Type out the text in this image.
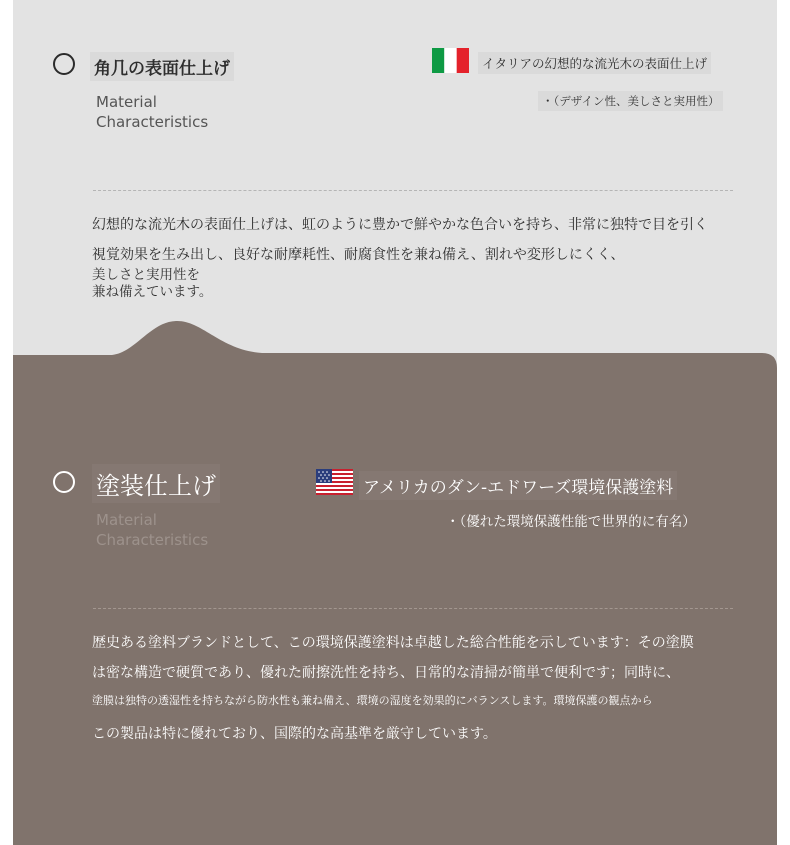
角几の表面仕上げ
Material
Characteristics
イタリアの幻想的な流光木の表面仕上げ
・（デザイン性、美しさと実用性）
幻想的な流光木の表面仕上げは、虹のように豊かで鮮やかな色合いを持ち、非常に独特で目を引く
視覚効果を生み出し、良好な耐摩耗性、耐腐食性を兼ね備え、割れや変形しにくく、
美しさと実用性を
兼ね備えています。
塗装仕上げ
Material
Characteristics
アメリカのダン-エドワーズ環境保護塗料
・（優れた環境保護性能で世界的に有名）
歴史ある塗料ブランドとして、この環境保護塗料は卓越した総合性能を示しています：その塗膜
は密な構造で硬質であり、優れた耐擦洗性を持ち、日常的な清掃が簡単で便利です；同時に、
塗膜は独特の透湿性を持ちながら防水性も兼ね備え、環境の湿度を効果的にバランスします。環境保護の観点から
この製品は特に優れており、国際的な高基準を厳守しています。
